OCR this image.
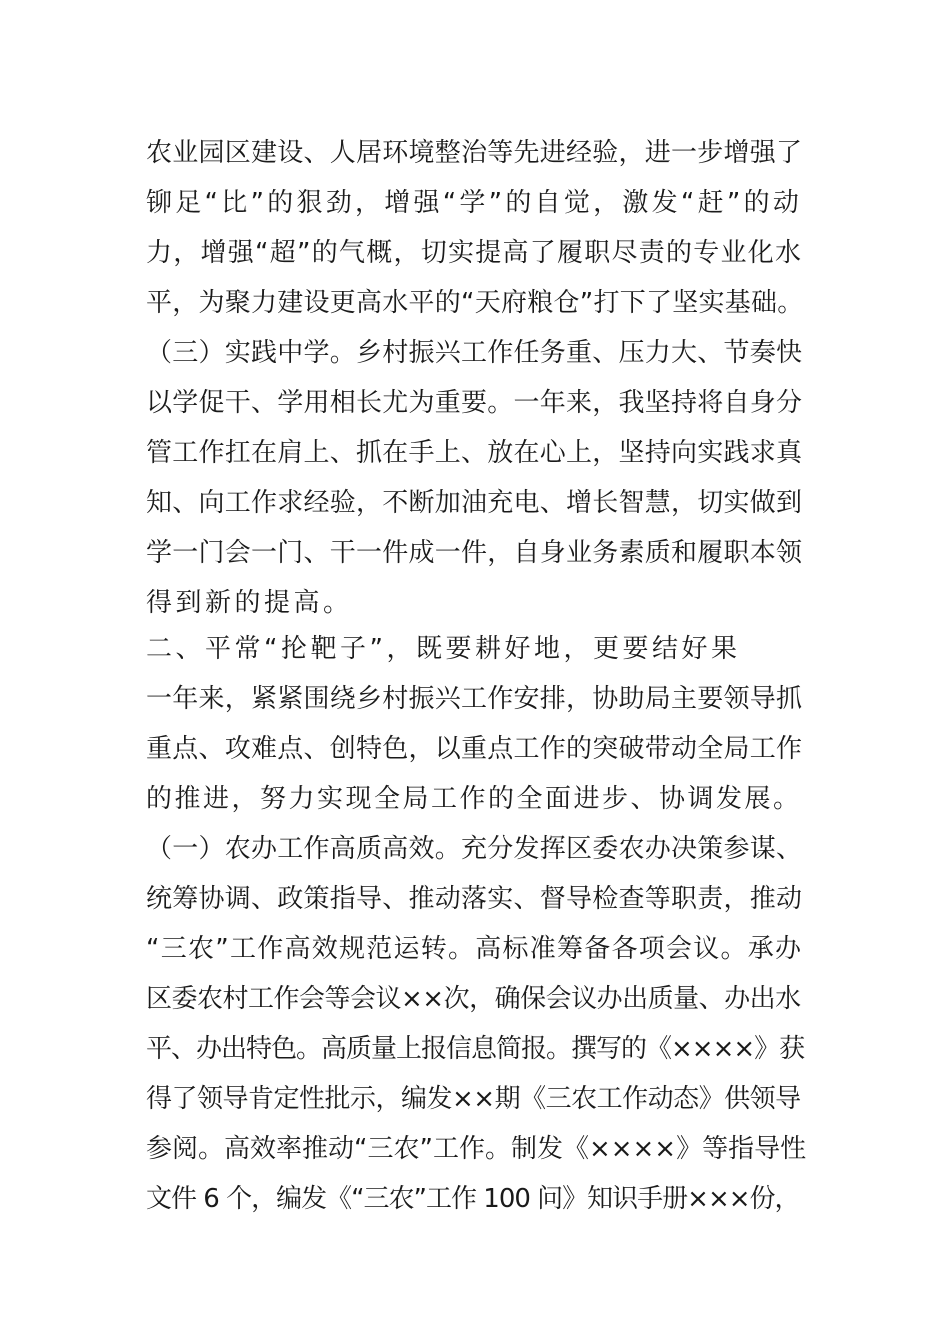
农业园区建设、人居环境整治等先进经验，进一步增强了
铆足“比”的狠劲，增强“学”的自觉，激发“赶”的动
力，增强“超”的气概，切实提高了履职尽责的专业化水
平，为聚力建设更高水平的“天府粮仓”打下了坚实基础。
（三）实践中学。乡村振兴工作任务重、压力大、节奏快
以学促干、学用相长尤为重要。一年来，我坚持将自身分
管工作扛在肩上、抓在手上、放在心上，坚持向实践求真
知、向工作求经验，不断加油充电、增长智慧，切实做到
学一门会一门、干一件成一件，自身业务素质和履职本领
得到新的提高。
二、平常“抡靶子”，既要耕好地，更要结好果
一年来，紧紧围绕乡村振兴工作安排，协助局主要领导抓
重点、攻难点、创特色，以重点工作的突破带动全局工作
的推进，努力实现全局工作的全面进步、协调发展。
（一）农办工作高质高效。充分发挥区委农办决策参谋、
统筹协调、政策指导、推动落实、督导检查等职责，推动
“三农”工作高效规范运转。高标准筹备各项会议。承办
区委农村工作会等会议××次，确保会议办出质量、办出水
平、办出特色。高质量上报信息简报。撰写的《××××》获
得了领导肯定性批示，编发××期《三农工作动态》供领导
参阅。高效率推动“三农”工作。制发《××××》等指导性
文件 6 个，编发《“三农”工作 100 问》知识手册×××份，
